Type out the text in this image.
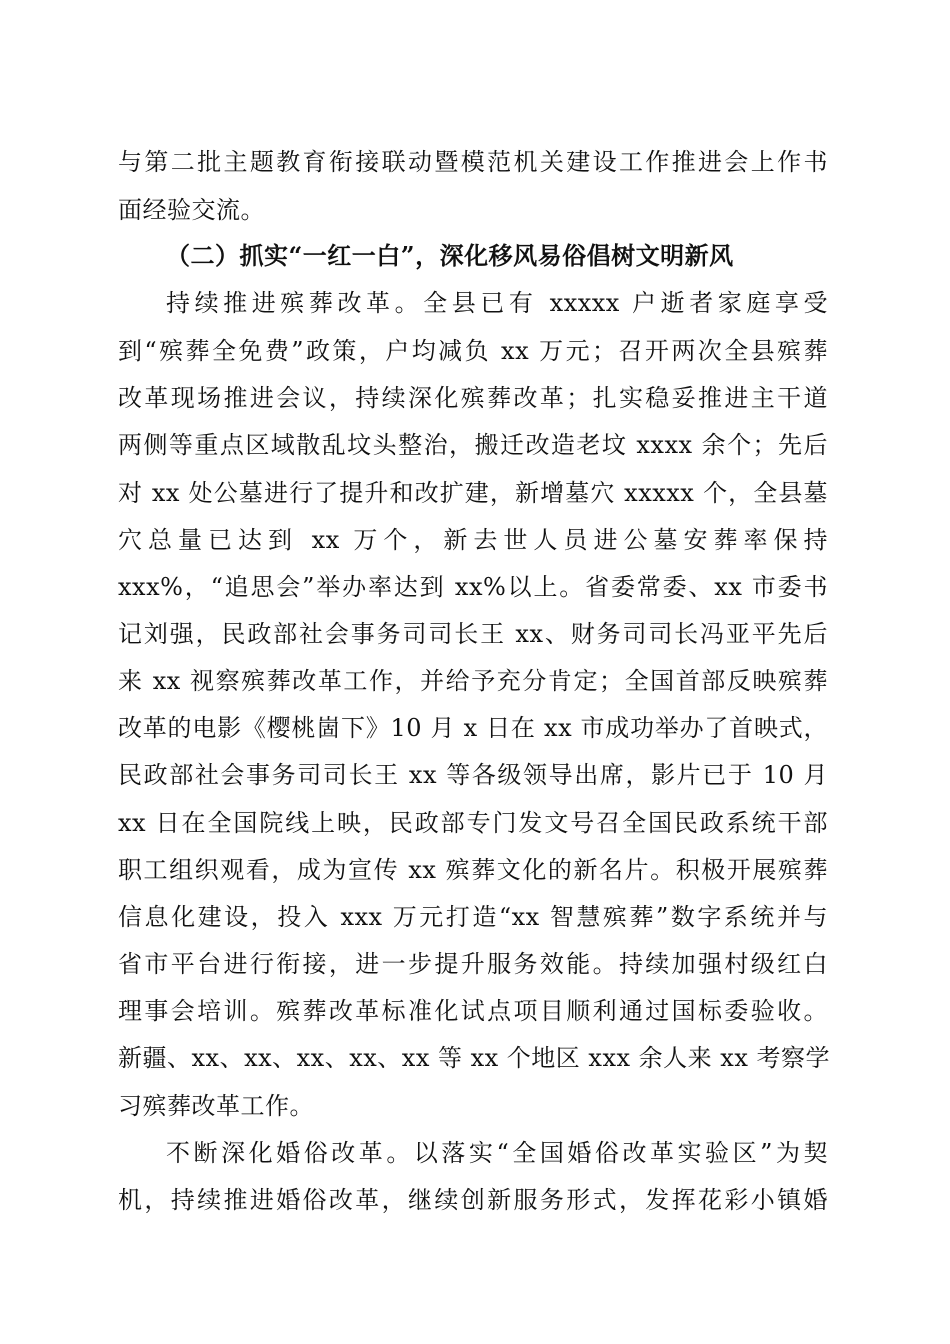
与第二批主题教育衔接联动暨模范机关建设工作推进会上作书
面经验交流。
（二）抓实“一红一白”，深化移风易俗倡树文明新风
持续推进殡葬改革。全县已有 xxxxx 户逝者家庭享受
到“殡葬全免费”政策，户均减负 xx 万元；召开两次全县殡葬
改革现场推进会议，持续深化殡葬改革；扎实稳妥推进主干道
两侧等重点区域散乱坟头整治，搬迁改造老坟 xxxx 余个；先后
对 xx 处公墓进行了提升和改扩建，新增墓穴 xxxxx 个，全县墓
穴总量已达到 xx 万个，新去世人员进公墓安葬率保持
xxx%，“追思会”举办率达到 xx%以上。省委常委、xx 市委书
记刘强，民政部社会事务司司长王 xx、财务司司长冯亚平先后
来 xx 视察殡葬改革工作，并给予充分肯定；全国首部反映殡葬
改革的电影《樱桃崮下》10 月 x 日在 xx 市成功举办了首映式，
民政部社会事务司司长王 xx 等各级领导出席，影片已于 10 月
xx 日在全国院线上映，民政部专门发文号召全国民政系统干部
职工组织观看，成为宣传 xx 殡葬文化的新名片。积极开展殡葬
信息化建设，投入 xxx 万元打造“xx 智慧殡葬”数字系统并与
省市平台进行衔接，进一步提升服务效能。持续加强村级红白
理事会培训。殡葬改革标准化试点项目顺利通过国标委验收。
新疆、xx、xx、xx、xx、xx 等 xx 个地区 xxx 余人来 xx 考察学
习殡葬改革工作。
不断深化婚俗改革。以落实“全国婚俗改革实验区”为契
机，持续推进婚俗改革，继续创新服务形式，发挥花彩小镇婚
